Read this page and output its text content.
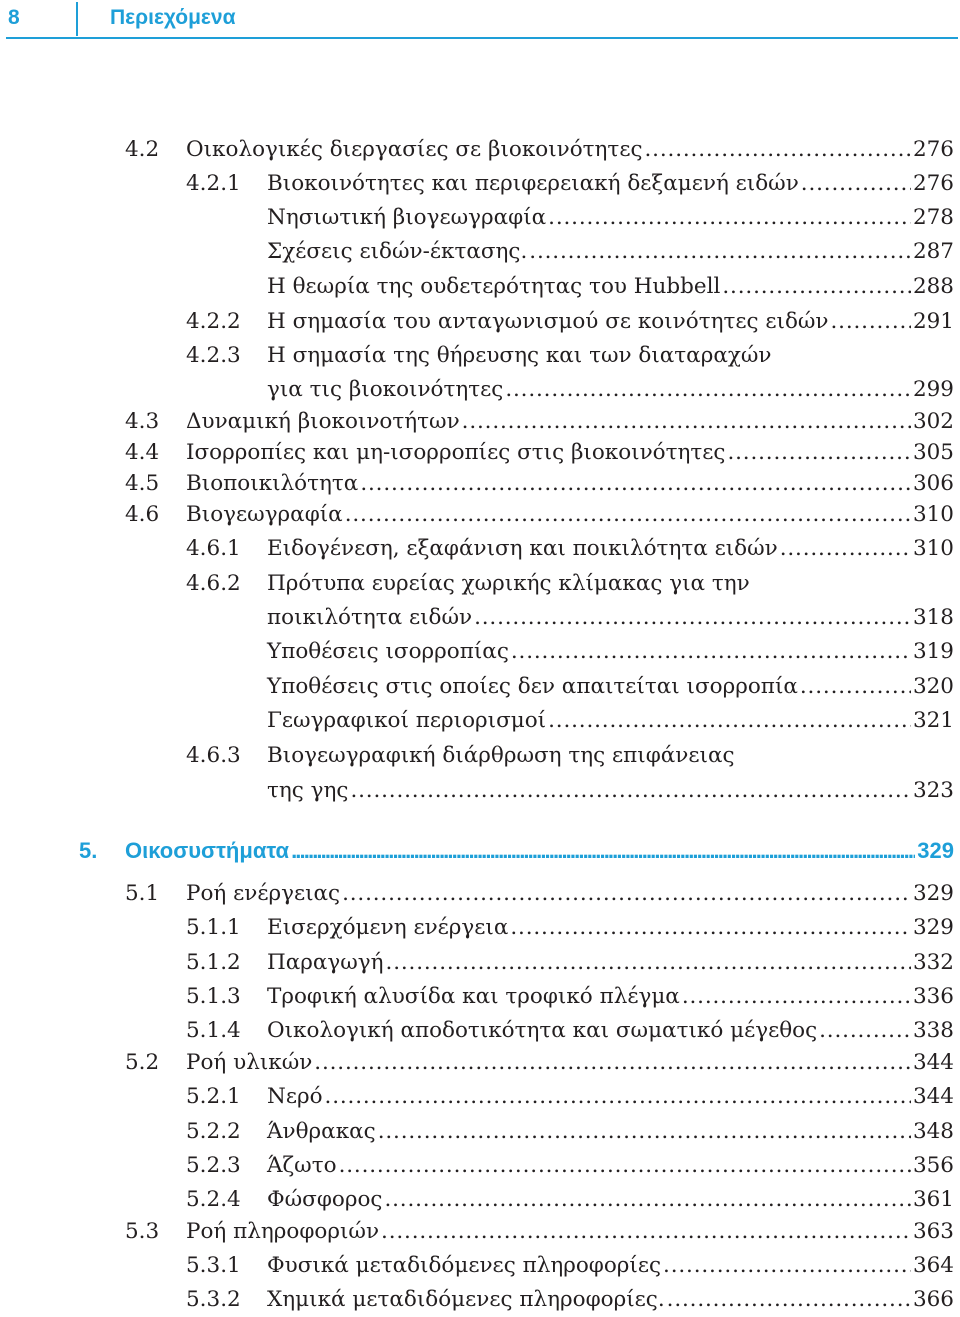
8	Περιεχόμενα
4.2 Οικολογικές διεργασίες σε βιοκοινότητες . . .	276
4.2.1 Βιοκοινότητες και περιφερειακή δεξαμενή ειδών . . .	276
Νησιωτική βιογεωγραφία . . .	278
Σχέσεις ειδών-έκτασης. . . .	287
Η θεωρία της ουδετερότητας του Hubbell . . .	288
4.2.2 Η σημασία του ανταγωνισμού σε κοινότητες ειδών . . .	291
4.2.3 Η σημασία της θήρευσης και των διαταραχών
για τις βιοκοινότητες . . .	299
4.3 Δυναμική βιοκοινοτήτων . . .	302
4.4 Ισορροπίες και μη-ισορροπίες στις βιοκοινότητες . . .	305
4.5 Βιοποικιλότητα . . .	306
4.6 Βιογεωγραφία . . .	310
4.6.1 Ειδογένεση, εξαφάνιση και ποικιλότητα ειδών . . .	310
4.6.2 Πρότυπα ευρείας χωρικής κλίμακας για την
ποικιλότητα ειδών . . .	318
Υποθέσεις ισορροπίας . . .	319
Υποθέσεις στις οποίες δεν απαιτείται ισορροπία . . .	320
Γεωγραφικοί περιορισμοί . . .	321
4.6.3 Βιογεωγραφική διάρθρωση της επιφάνειας
της γης . . .	323
5. Οικοσυστήματα . . .	329
5.1 Ροή ενέργειας . . .	329
5.1.1 Εισερχόμενη ενέργεια . . .	329
5.1.2 Παραγωγή . . .	332
5.1.3 Τροφική αλυσίδα και τροφικό πλέγμα . . .	336
5.1.4 Οικολογική αποδοτικότητα και σωματικό μέγεθος . . .	338
5.2 Ροή υλικών . . .	344
5.2.1 Νερό . . .	344
5.2.2 Άνθρακας . . .	348
5.2.3 Άζωτο . . .	356
5.2.4 Φώσφορος . . .	361
5.3 Ροή πληροφοριών . . .	363
5.3.1 Φυσικά μεταδιδόμενες πληροφορίες . . .	364
5.3.2 Χημικά μεταδιδόμενες πληροφορίες. . . .	366
